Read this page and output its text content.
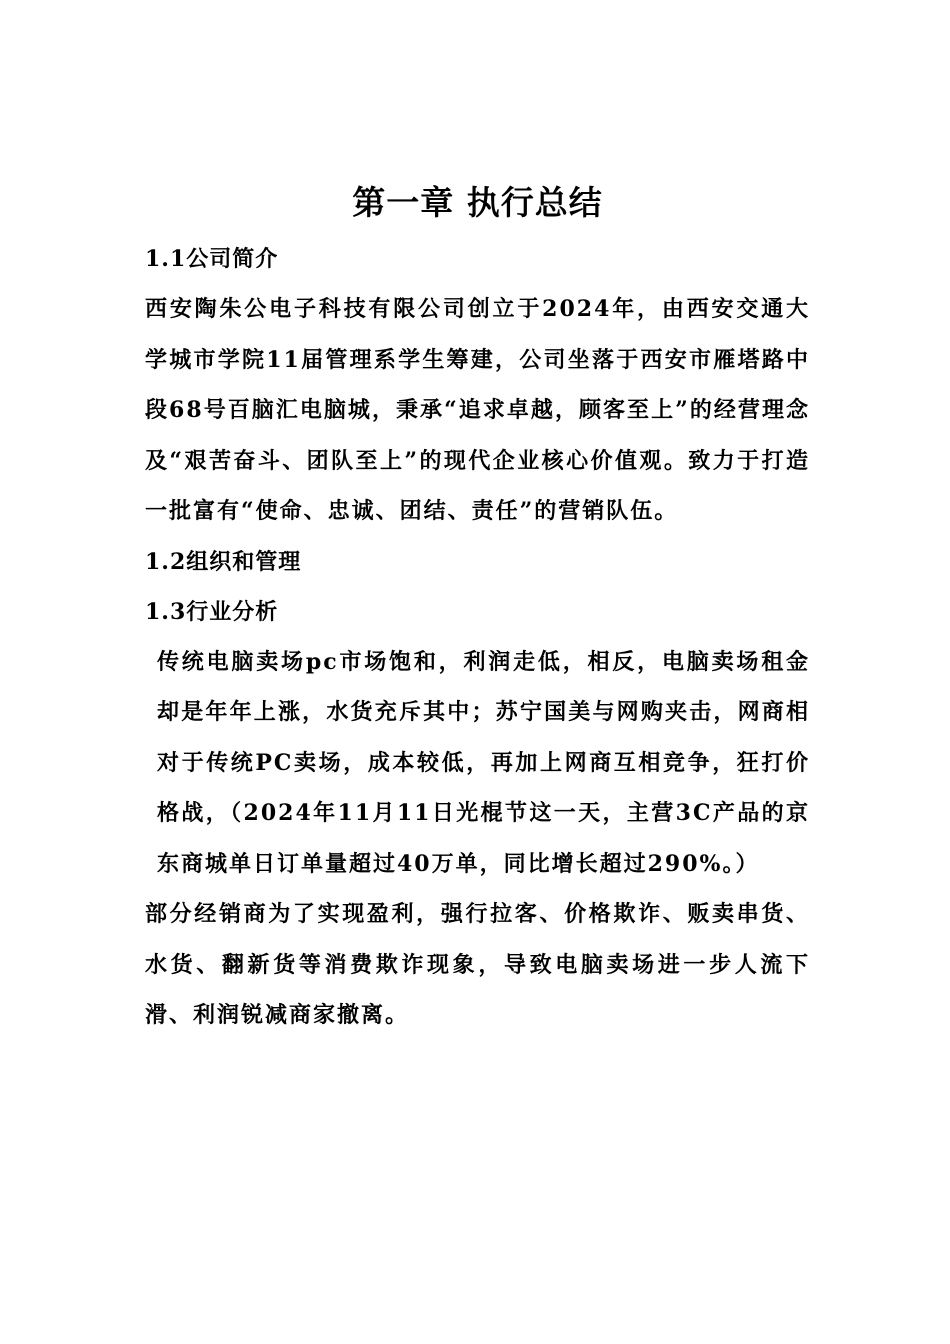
第一章 执行总结
1.1公司简介

西安陶朱公电子科技有限公司创立于2024年，由西安交通大学城市学院11届管理系学生筹建，公司坐落于西安市雁塔路中段68号百脑汇电脑城，秉承“追求卓越，顾客至上”的经营理念及“艰苦奋斗、团队至上”的现代企业核心价值观。致力于打造一批富有“使命、忠诚、团结、责任”的营销队伍。

1.2组织和管理
1.3行业分析

传统电脑卖场pc市场饱和，利润走低，相反，电脑卖场租金却是年年上涨，水货充斥其中；苏宁国美与网购夹击，网商相对于传统PC卖场，成本较低，再加上网商互相竞争，狂打价格战，（2024年11月11日光棍节这一天，主营3C产品的京东商城单日订单量超过40万单，同比增长超过290%。）

部分经销商为了实现盈利，强行拉客、价格欺诈、贩卖串货、水货、翻新货等消费欺诈现象，导致电脑卖场进一步人流下滑、利润锐减商家撤离。
